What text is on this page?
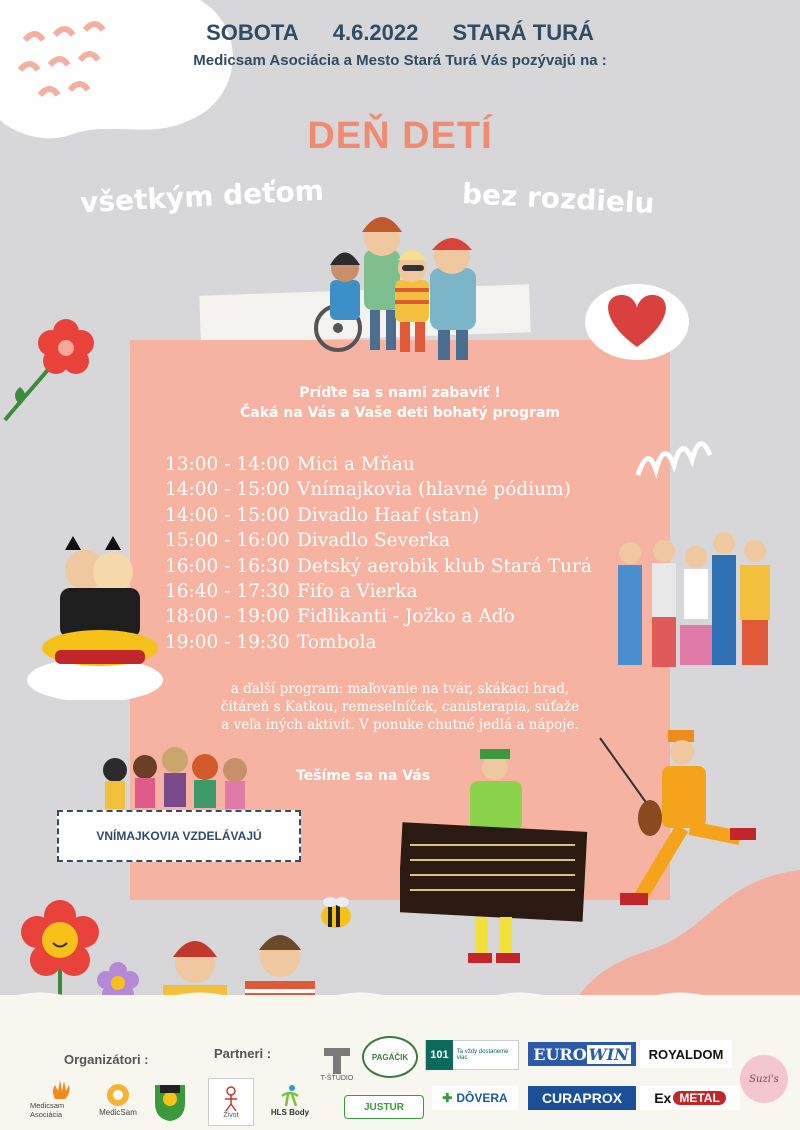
SOBOTA 4.6.2022 STARÁ TURÁ
Medicsam Asociácia a Mesto Stará Turá Vás pozývajú na :
DEŇ DETÍ
všetkým deťom	bez rozdielu
Príďte sa s nami zabaviť !
Čaká na Vás a Vaše deti bohatý program
13:00 - 14:00 Mici a Mňau
14:00 - 15:00 Vnímajkovia (hlavné pódium)
14:00 - 15:00 Divadlo Haaf (stan)
15:00 - 16:00 Divadlo Severka
16:00 - 16:30 Detský aerobik klub Stará Turá
16:40 - 17:30 Fifo a Vierka
18:00 - 19:00 Fidlikanti - Jožko a Aďo
19:00 - 19:30 Tombola
a ďalší program: maľovanie na tvár, skákací hrad,
čitáreň s Katkou, remeselníček, canisterapia, súťaže
a veľa iných aktivít. V ponuke chutné jedlá a nápoje.
Tešíme sa na Vás
VNÍMAJKOVIA VZDELÁVAJÚ
Organizátori :	Partneri :
Medicsam Asociácia	MedicSam
T-ŠTÚDIO
PAGÁČIK	101	Ta vždy dostaneme viac	EURO WIN	ROYALDOM
Suzi's
Život	HLS Body	JUSTUR
✚ DÔVERA	CURAPROX	Ex METAL
